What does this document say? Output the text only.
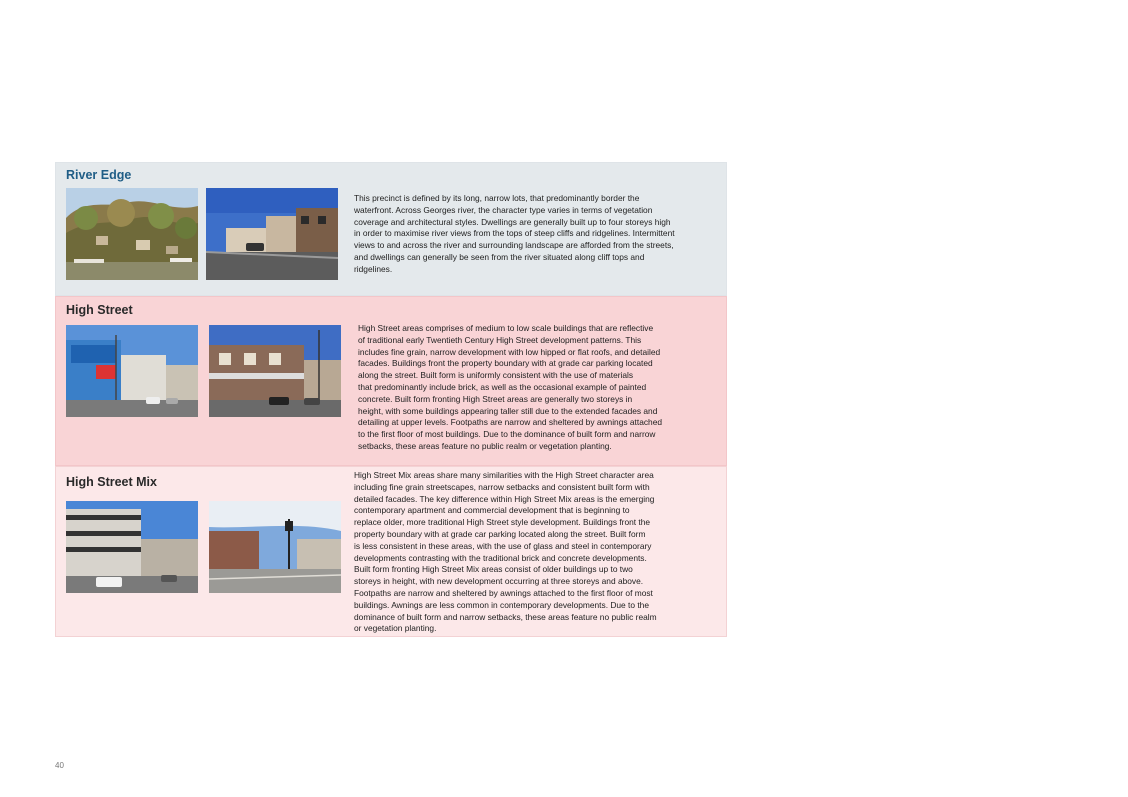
River Edge
This precinct is defined by its long, narrow lots, that predominantly border the
waterfront. Across Georges river, the character type varies in terms of vegetation
coverage and architectural styles. Dwellings are generally built up to four storeys high
in order to maximise river views from the tops of steep cliffs and ridgelines. Intermittent
views to and across the river and surrounding landscape are afforded from the streets,
and dwellings can generally be seen from the river situated along cliff tops and
ridgelines.
High Street
High Street areas comprises of medium to low scale buildings that are reflective
of traditional early Twentieth Century High Street development patterns. This
includes fine grain, narrow development with low hipped or flat roofs, and detailed
facades. Buildings front the property boundary with at grade car parking located
along the street. Built form is uniformly consistent with the use of materials
that predominantly include brick, as well as the occasional example of painted
concrete. Built form fronting High Street areas are generally two storeys in
height, with some buildings appearing taller still due to the extended facades and
detailing at upper levels. Footpaths are narrow and sheltered by awnings attached
to the first floor of most buildings. Due to the dominance of built form and narrow
setbacks, these areas feature no public realm or vegetation planting.
High Street Mix	High Street Mix areas share many similarities with the High Street character area
including fine grain streetscapes, narrow setbacks and consistent built form with
detailed facades. The key difference within High Street Mix areas is the emerging
contemporary apartment and commercial development that is beginning to
replace older, more traditional High Street style development. Buildings front the
property boundary with at grade car parking located along the street. Built form
is less consistent in these areas, with the use of glass and steel in contemporary
developments contrasting with the traditional brick and concrete developments.
Built form fronting High Street Mix areas consist of older buildings up to two
storeys in height, with new development occurring at three storeys and above.
Footpaths are narrow and sheltered by awnings attached to the first floor of most
buildings. Awnings are less common in contemporary developments. Due to the
dominance of built form and narrow setbacks, these areas feature no public realm
or vegetation planting.
40
